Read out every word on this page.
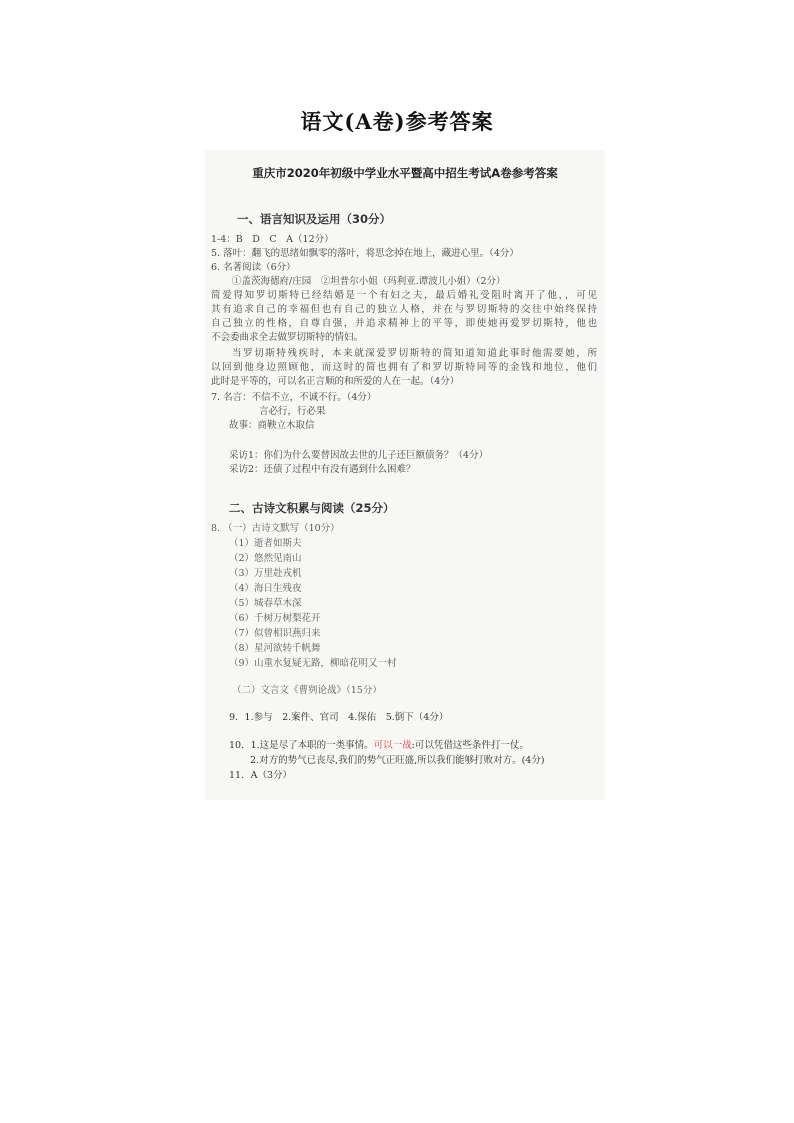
语文(A卷)参考答案
重庆市2020年初级中学业水平暨高中招生考试A卷参考答案
一、语言知识及运用（30分）
1-4：B　D　C　A（12分）
5. 落叶：翻飞的思绪如飘零的落叶，将思念掉在地上，藏进心里。（4分）
6. 名著阅读（6分）
①盖茨海德府/庄园　②坦普尔小姐（玛利亚.谭波儿小姐）（2分）
简爱得知罗切斯特已经结婚是一个有妇之夫，最后婚礼受阻时离开了他，，可见
其有追求自己的幸福但也有自己的独立人格，并在与罗切斯特的交往中始终保持
自己独立的性格，自尊自强，并追求精神上的平等，即使她再爱罗切斯特，他也
不会委曲求全去做罗切斯特的情妇。
当罗切斯特残疾时，本来就深爱罗切斯特的简知道知道此事时他需要她，所
以回到他身边照顾他，而这时的简也拥有了和罗切斯特同等的金钱和地位，他们
此时是平等的，可以名正言顺的和所爱的人在一起。（4分）
7. 名言：不信不立，不诚不行。（4分）
言必行，行必果
故事：商鞅立木取信
采访1：你们为什么要替因故去世的儿子还巨额债务？（4分）
采访2：还债了过程中有没有遇到什么困难？
二、古诗文积累与阅读（25分）
8. （一）古诗文默写（10分）
（1）逝者如斯夫
（2）悠然见南山
（3）万里赴戎机
（4）海日生残夜
（5）城春草木深
（6）千树万树梨花开
（7）似曾相识燕归来
（8）星河欲转千帆舞
（9）山重水复疑无路，柳暗花明又一村
（二）文言文《曹刿论战》（15分）
9．1.参与　2.案件、官司　4.保佑　5.倒下（4分）
10．1.这是尽了本职的一类事情。可以一战:可以凭借这些条件打一仗。
2.对方的势气已丧尽,我们的势气正旺盛,所以我们能够打败对方。(4分)
11．A（3分）
